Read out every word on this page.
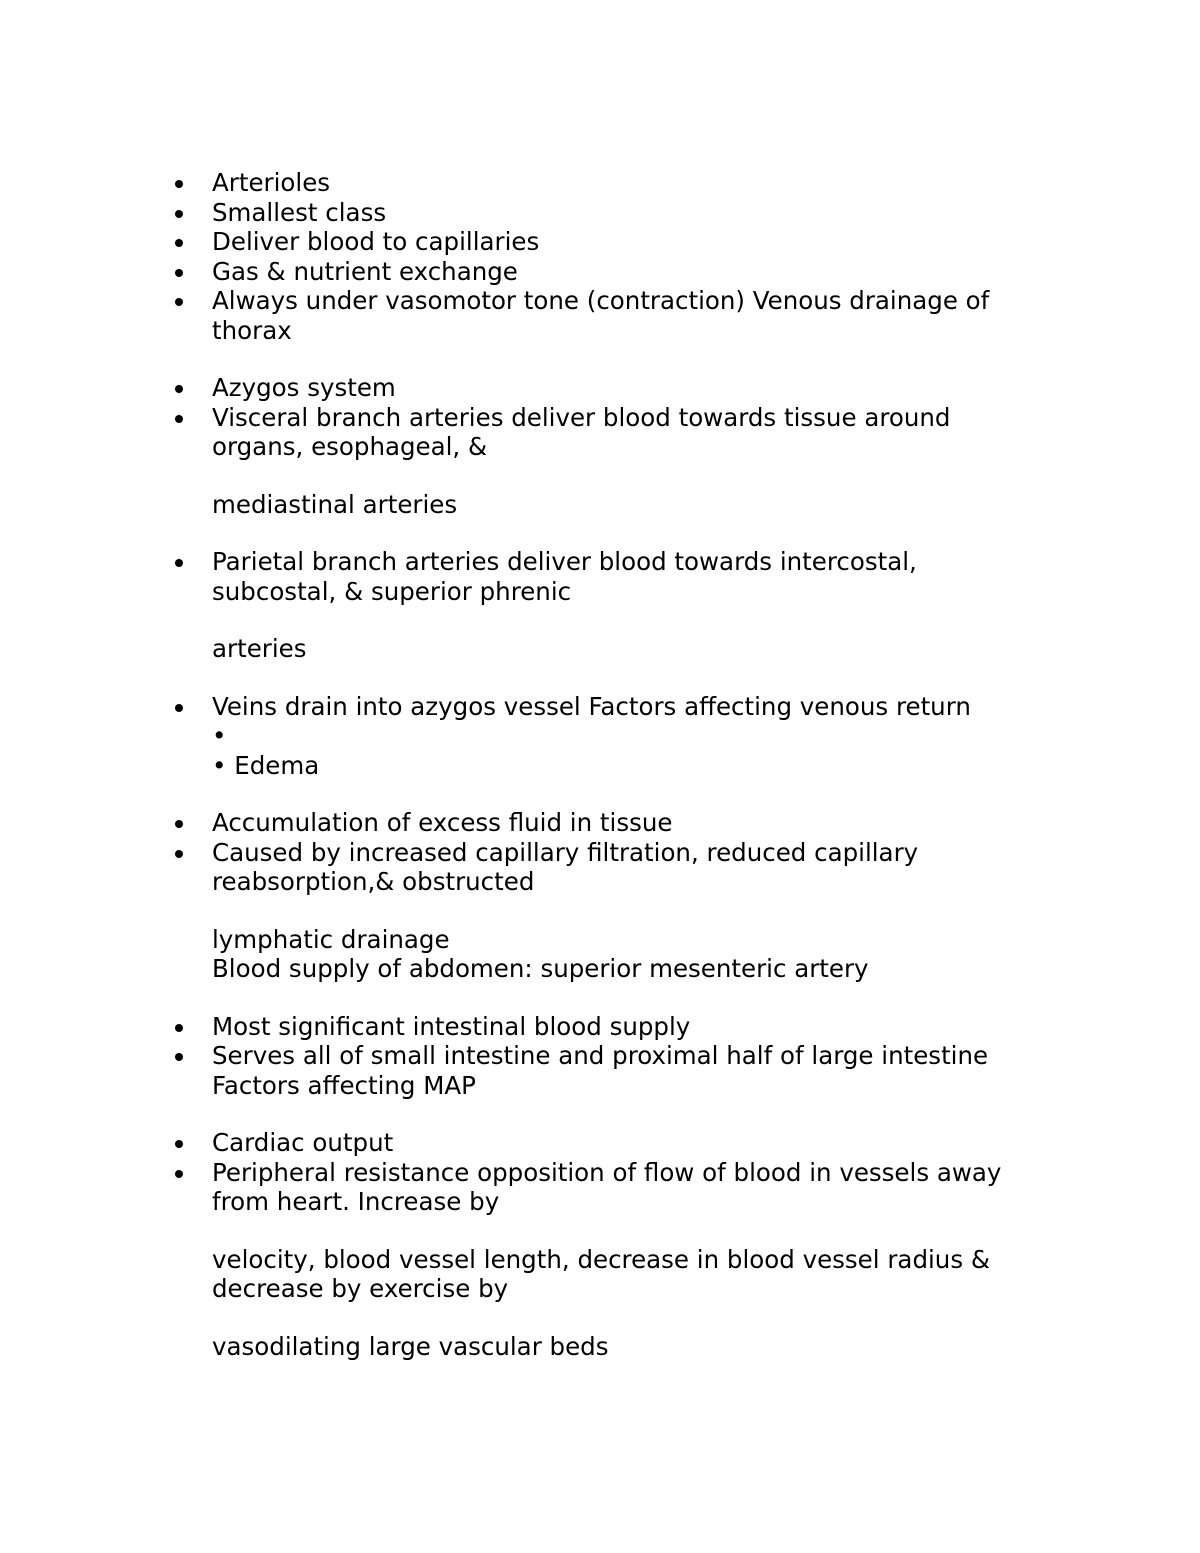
Arterioles
Smallest class
Deliver blood to capillaries
Gas & nutrient exchange
Always under vasomotor tone (contraction) Venous drainage of thorax
Azygos system
Visceral branch arteries deliver blood towards tissue around organs, esophageal, &

mediastinal arteries

Parietal branch arteries deliver blood towards intercostal, subcostal, & superior phrenic

arteries

Veins drain into azygos vessel Factors affecting venous return

•

• Edema

Accumulation of excess fluid in tissue
Caused by increased capillary filtration, reduced capillary reabsorption,& obstructed

lymphatic drainage

Blood supply of abdomen: superior mesenteric artery

Most significant intestinal blood supply
Serves all of small intestine and proximal half of large intestine Factors affecting MAP
Cardiac output
Peripheral resistance opposition of flow of blood in vessels away from heart. Increase by

velocity, blood vessel length, decrease in blood vessel radius & decrease by exercise by

vasodilating large vascular beds
